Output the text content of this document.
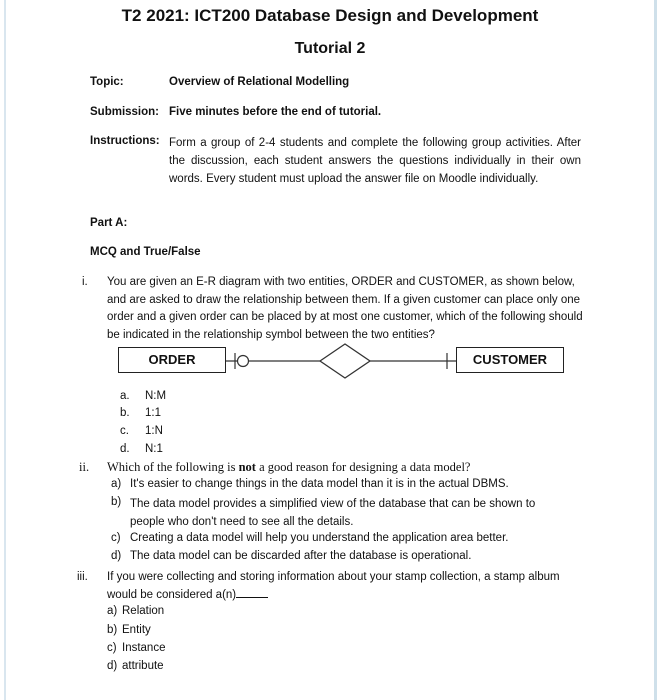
T2 2021: ICT200 Database Design and Development
Tutorial 2
Topic:	Overview of Relational Modelling
Submission: Five minutes before the end of tutorial.
Instructions: Form a group of 2-4 students and complete the following group activities. After the discussion, each student answers the questions individually in their own words. Every student must upload the answer file on Moodle individually.
Part A:
MCQ and True/False
i. You are given an E-R diagram with two entities, ORDER and CUSTOMER, as shown below, and are asked to draw the relationship between them. If a given customer can place only one order and a given order can be placed by at most one customer, which of the following should be indicated in the relationship symbol between the two entities?
ORDER	CUSTOMER
a. N:M
b. 1:1
c. 1:N
d. N:1
ii. Which of the following is not a good reason for designing a data model?
a) It's easier to change things in the data model than it is in the actual DBMS.
b) The data model provides a simplified view of the database that can be shown to people who don't need to see all the details.
c) Creating a data model will help you understand the application area better.
d) The data model can be discarded after the database is operational.
iii. If you were collecting and storing information about your stamp collection, a stamp album would be considered a(n)
a) Relation
b) Entity
c) Instance
d) attribute
